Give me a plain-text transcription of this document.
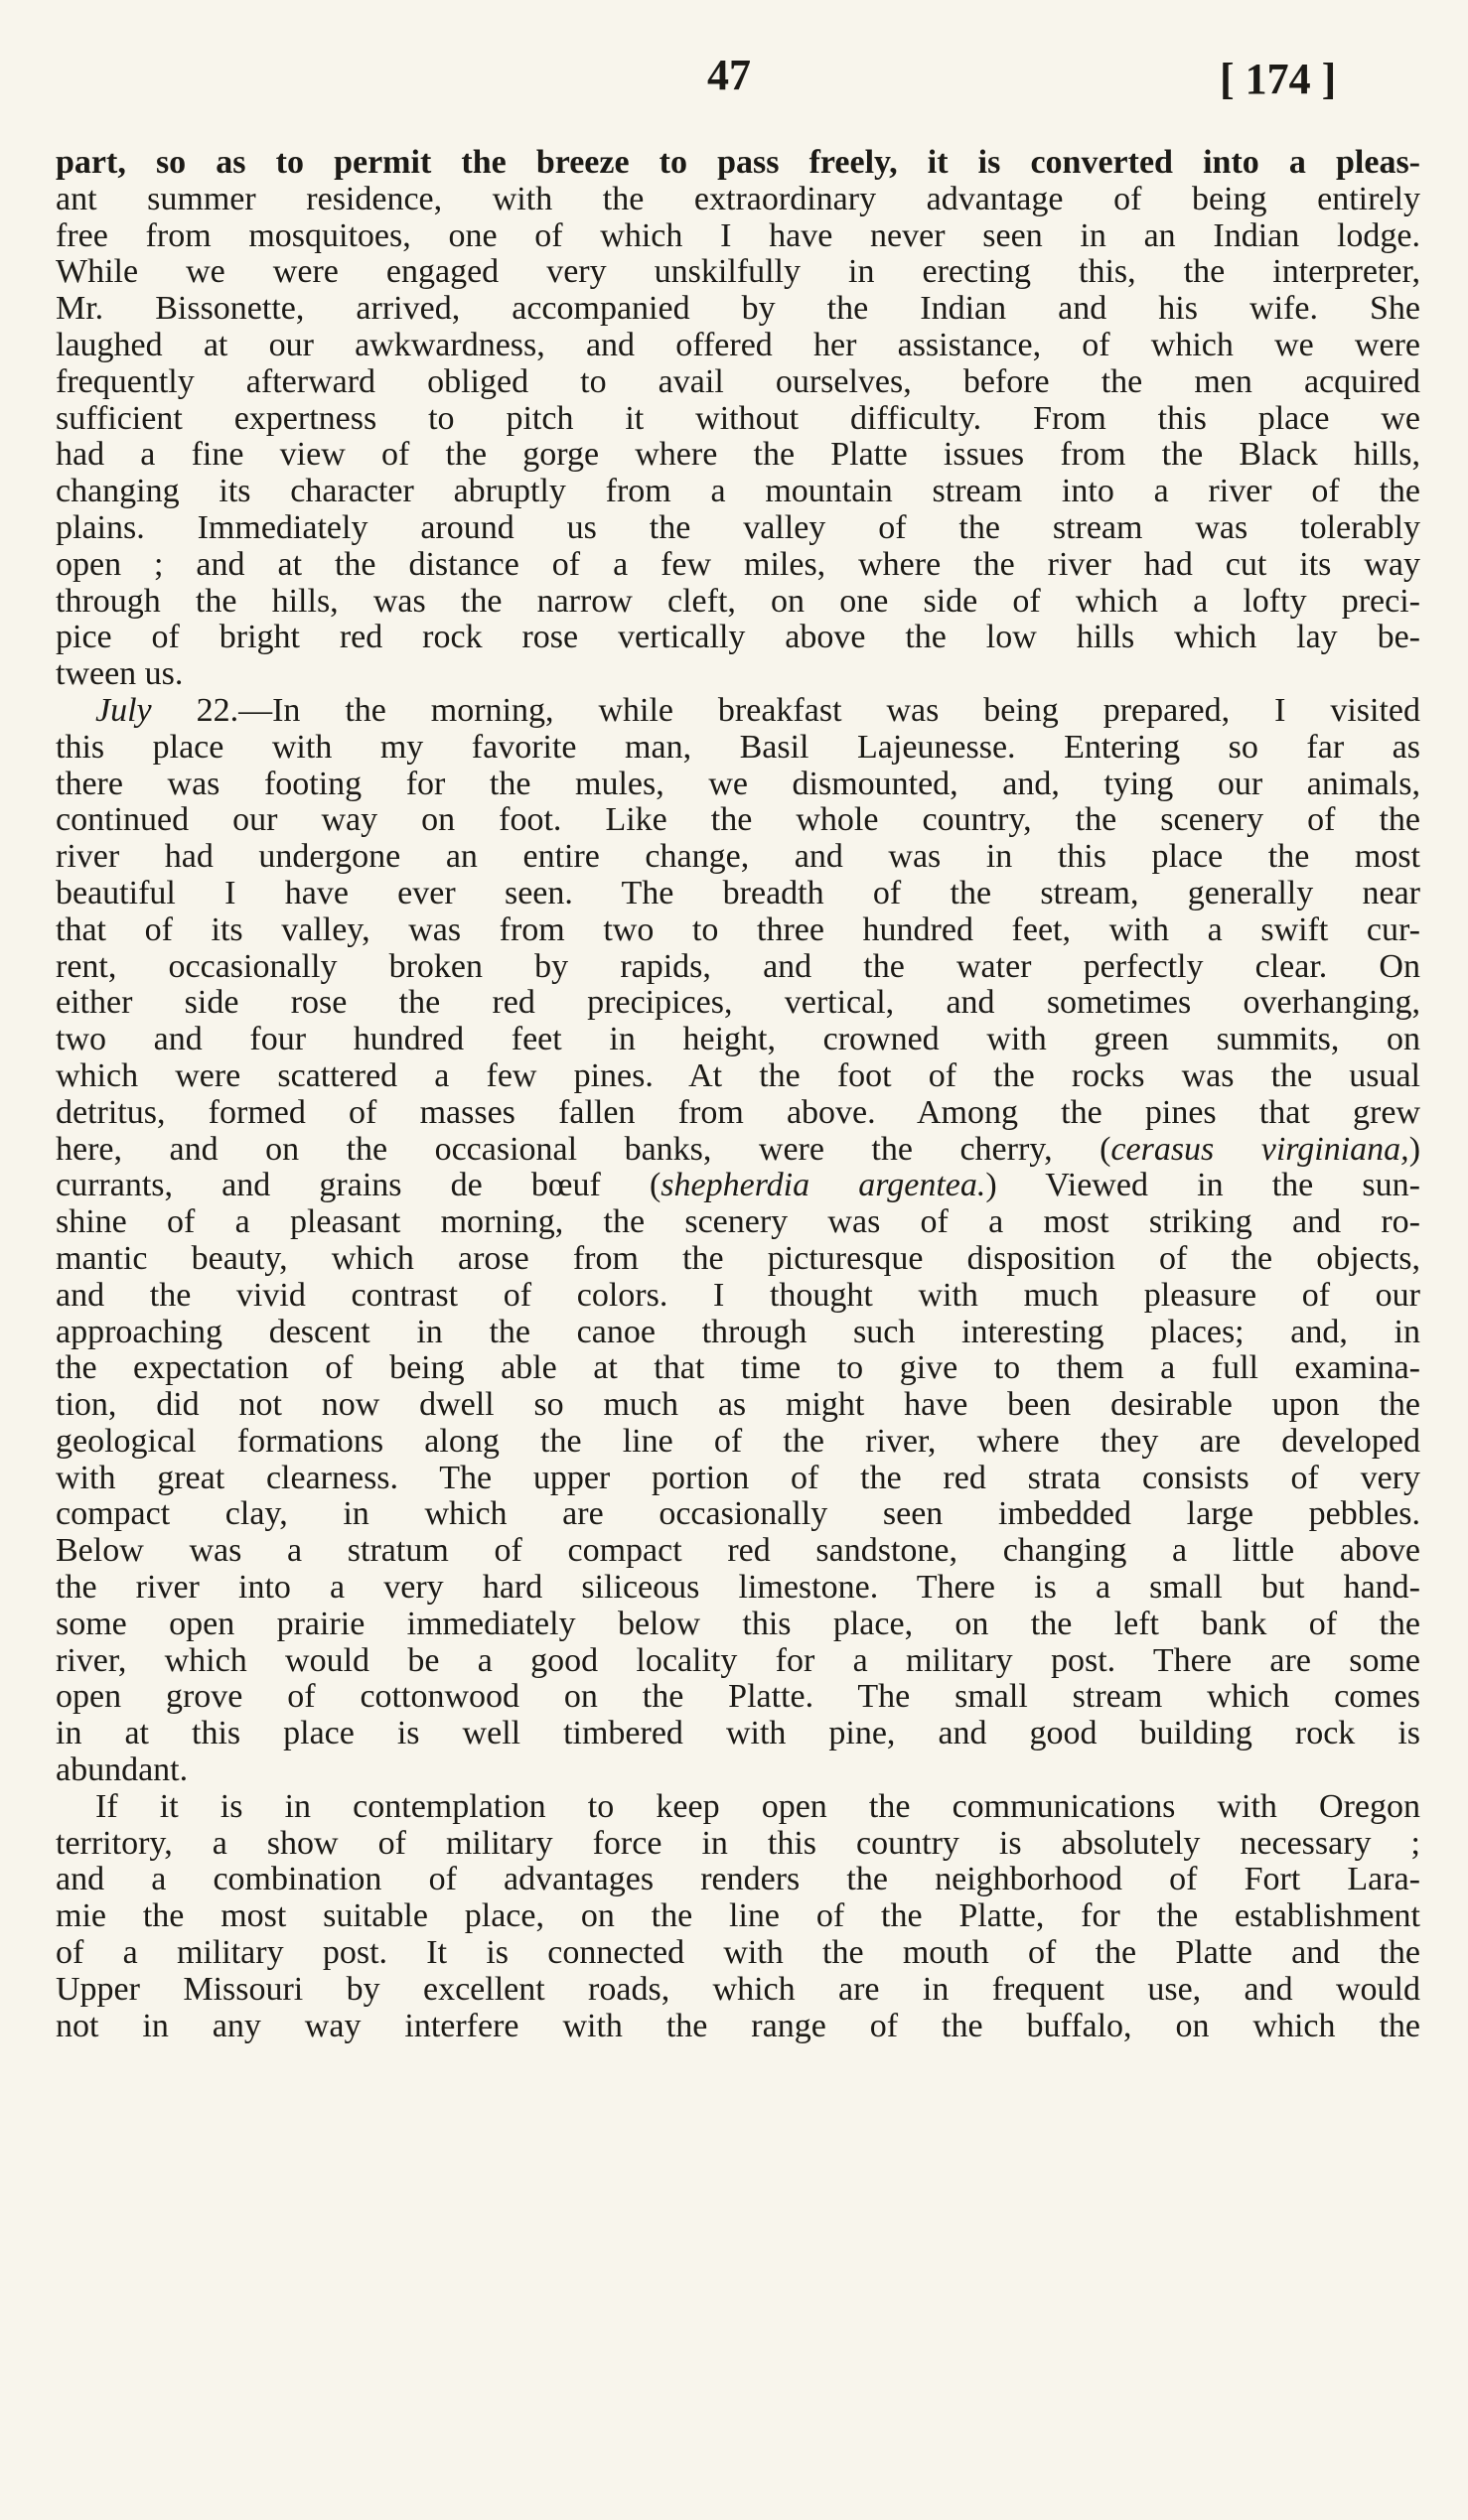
47	[ 174 ]
part, so as to permit the breeze to pass freely, it is converted into a pleas-
ant summer residence, with the extraordinary advantage of being entirely
free from mosquitoes, one of which I have never seen in an Indian lodge.
While we were engaged very unskilfully in erecting this, the interpreter,
Mr. Bissonette, arrived, accompanied by the Indian and his wife. She
laughed at our awkwardness, and offered her assistance, of which we were
frequently afterward obliged to avail ourselves, before the men acquired
sufficient expertness to pitch it without difficulty. From this place we
had a fine view of the gorge where the Platte issues from the Black hills,
changing its character abruptly from a mountain stream into a river of the
plains. Immediately around us the valley of the stream was tolerably
open ; and at the distance of a few miles, where the river had cut its way
through the hills, was the narrow cleft, on one side of which a lofty preci-
pice of bright red rock rose vertically above the low hills which lay be-
tween us.
July 22.—In the morning, while breakfast was being prepared, I visited
this place with my favorite man, Basil Lajeunesse. Entering so far as
there was footing for the mules, we dismounted, and, tying our animals,
continued our way on foot. Like the whole country, the scenery of the
river had undergone an entire change, and was in this place the most
beautiful I have ever seen. The breadth of the stream, generally near
that of its valley, was from two to three hundred feet, with a swift cur-
rent, occasionally broken by rapids, and the water perfectly clear. On
either side rose the red precipices, vertical, and sometimes overhanging,
two and four hundred feet in height, crowned with green summits, on
which were scattered a few pines. At the foot of the rocks was the usual
detritus, formed of masses fallen from above. Among the pines that grew
here, and on the occasional banks, were the cherry, (cerasus virginiana,)
currants, and grains de bœuf (shepherdia argentea.) Viewed in the sun-
shine of a pleasant morning, the scenery was of a most striking and ro-
mantic beauty, which arose from the picturesque disposition of the objects,
and the vivid contrast of colors. I thought with much pleasure of our
approaching descent in the canoe through such interesting places; and, in
the expectation of being able at that time to give to them a full examina-
tion, did not now dwell so much as might have been desirable upon the
geological formations along the line of the river, where they are developed
with great clearness. The upper portion of the red strata consists of very
compact clay, in which are occasionally seen imbedded large pebbles.
Below was a stratum of compact red sandstone, changing a little above
the river into a very hard siliceous limestone. There is a small but hand-
some open prairie immediately below this place, on the left bank of the
river, which would be a good locality for a military post. There are some
open grove of cottonwood on the Platte. The small stream which comes
in at this place is well timbered with pine, and good building rock is
abundant.
If it is in contemplation to keep open the communications with Oregon
territory, a show of military force in this country is absolutely necessary ;
and a combination of advantages renders the neighborhood of Fort Lara-
mie the most suitable place, on the line of the Platte, for the establishment
of a military post. It is connected with the mouth of the Platte and the
Upper Missouri by excellent roads, which are in frequent use, and would
not in any way interfere with the range of the buffalo, on which the
